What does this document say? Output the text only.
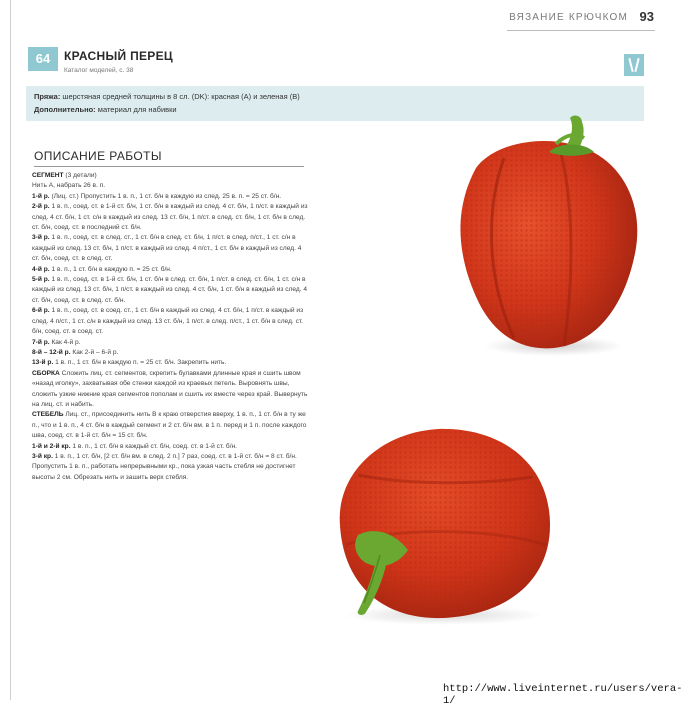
ВЯЗАНИЕ КРЮЧКОМ 93
64	КРАСНЫЙ ПЕРЕЦ
Каталог моделей, с. 38
Пряжа: шерстяная средней толщины в 8 сл. (DK): красная (А) и зеленая (В)
Дополнительно: материал для набивки
ОПИСАНИЕ РАБОТЫ

СЕГМЕНТ (3 детали)

Нить А, набрать 26 в. п.

1-й р. (Лиц. ст.) Пропустить 1 в. п., 1 ст. б/н в каждую из след. 25 в. п. = 25 ст. б/н.

2-й р. 1 в. п., соед. ст. в 1-й ст. б/н, 1 ст. б/н в каждый из след. 4 ст. б/н, 1 п/ст. в каждый из след. 4 ст. б/н, 1 ст. с/н в каждый из след. 13 ст. б/н, 1 п/ст. в след. ст. б/н, 1 ст. б/н в след. ст. б/н, соед. ст. в последний ст. б/н.

3-й р. 1 в. п., соед. ст. в след. ст., 1 ст. б/н в след. ст. б/н, 1 п/ст. в след. п/ст., 1 ст. с/н в каждый из след. 13 ст. б/н, 1 п/ст. в каждый из след. 4 п/ст., 1 ст. б/н в каждый из след. 4 ст. б/н, соед. ст. в след. ст.

4-й р. 1 в. п., 1 ст. б/н в каждую п. = 25 ст. б/н.

5-й р. 1 в. п., соед. ст. в 1-й ст. б/н, 1 ст. б/н в след. ст. б/н, 1 п/ст. в след. ст. б/н, 1 ст. с/н в каждый из след. 13 ст. б/н, 1 п/ст. в каждый из след. 4 ст. б/н, 1 ст. б/н в каждый из след. 4 ст. б/н, соед. ст. в след. ст. б/н.

6-й р. 1 в. п., соед. ст. в соед. ст., 1 ст. б/н в каждый из след. 4 ст. б/н, 1 п/ст. в каждый из след. 4 п/ст., 1 ст. с/н в каждый из след. 13 ст. б/н, 1 п/ст. в след. п/ст., 1 ст. б/н в след. ст. б/н, соед. ст. в соед. ст.

7-й р. Как 4-й р.

8-й – 12-й р. Как 2-й – 6-й р.

13-й р. 1 в. п., 1 ст. б/н в каждую п. = 25 ст. б/н. Закрепить нить.

СБОРКА Сложить лиц. ст. сегментов, скрепить булавками длинные края и сшить швом «назад иголку», захватывая обе стенки каждой из краевых петель. Выровнять швы, сложить узкие нижние края сегментов пополам и сшить их вместе через край. Вывернуть на лиц. ст. и набить.

СТЕБЕЛЬ Лиц. ст., присоединить нить В к краю отверстия вверху, 1 в. п., 1 ст. б/н в ту же п., что и 1 в. п., 4 ст. б/н в каждый сегмент и 2 ст. б/н вм. в 1 п. перед и 1 п. после каждого шва, соед. ст. в 1-й ст. б/н = 15 ст. б/н.

1-й и 2-й кр. 1 в. п., 1 ст. б/н в каждый ст. б/н, соед. ст. в 1-й ст. б/н.

3-й кр. 1 в. п., 1 ст. б/н, [2 ст. б/н вм. в след. 2 п.] 7 раз, соед. ст. в 1-й ст. б/н = 8 ст. б/н.

Пропустить 1 в. п., работать непрерывными кр., пока узкая часть стебля не достигнет высоты 2 см. Обрезать нить и зашить верх стебля.

http://www.liveinternet.ru/users/vera-1/
